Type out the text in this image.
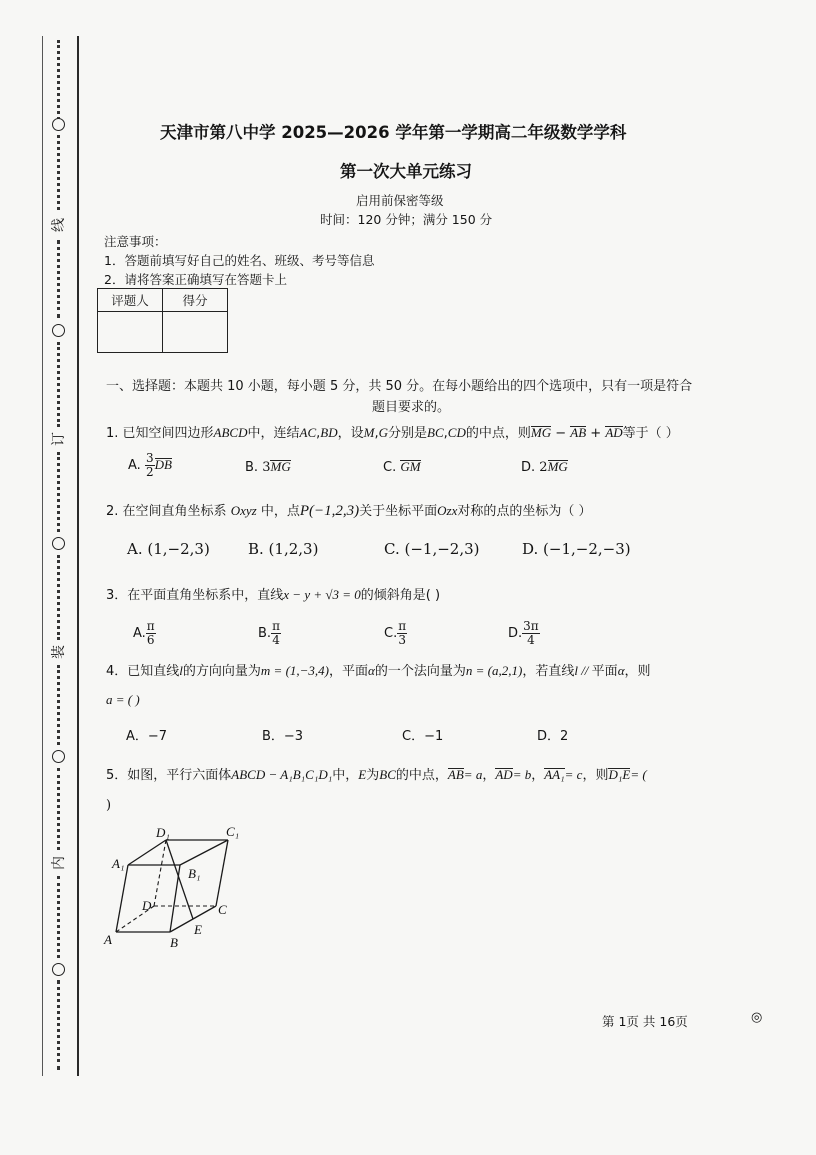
线
订
装
内
天津市第八中学 2025—2026 学年第一学期高二年级数学学科
第一次大单元练习
启用前保密等级
时间：120 分钟；满分 150 分
注意事项：
1．答题前填写好自己的姓名、班级、考号等信息
2．请将答案正确填写在答题卡上
评题人	得分

一、选择题：本题共 10 小题，每小题 5 分，共 50 分。在每小题给出的四个选项中，只有一项是符合
题目要求的。
1. 已知空间四边形ABCD中，连结AC,BD，设M,G分别是BC,CD的中点，则MG − AB + AD等于（ ）
A. $\frac{3}{2}$ DB	B. 3MG	C. GM	D. 2MG
2. 在空间直角坐标系 Oxyz 中，点P(−1,2,3)关于坐标平面Ozx对称的点的坐标为（ ）
A. (1,−2,3)	B. (1,2,3)	C. (−1,−2,3)	D. (−1,−2,−3)
3．在平面直角坐标系中，直线x − y + √3 = 0的倾斜角是( )
A. $\frac{\pi}{6}$	B. $\frac{\pi}{4}$	C. $\frac{\pi}{3}$	D. $\frac{3\pi}{4}$
4．已知直线l的方向向量为m = (1,−3,4)，平面α的一个法向量为n = (a,2,1)，若直线l // 平面α，则
a = ( )
A．−7	B．−3	C．−1	D．2
5．如图，平行六面体ABCD − A₁B₁C₁D₁中，E为BC的中点，AB= a，AD= b，AA₁= c，则D₁E= (
)
D₁	C₁
A₁
B₁
D	C
A	B
E
第 1页 共 16页	◎
